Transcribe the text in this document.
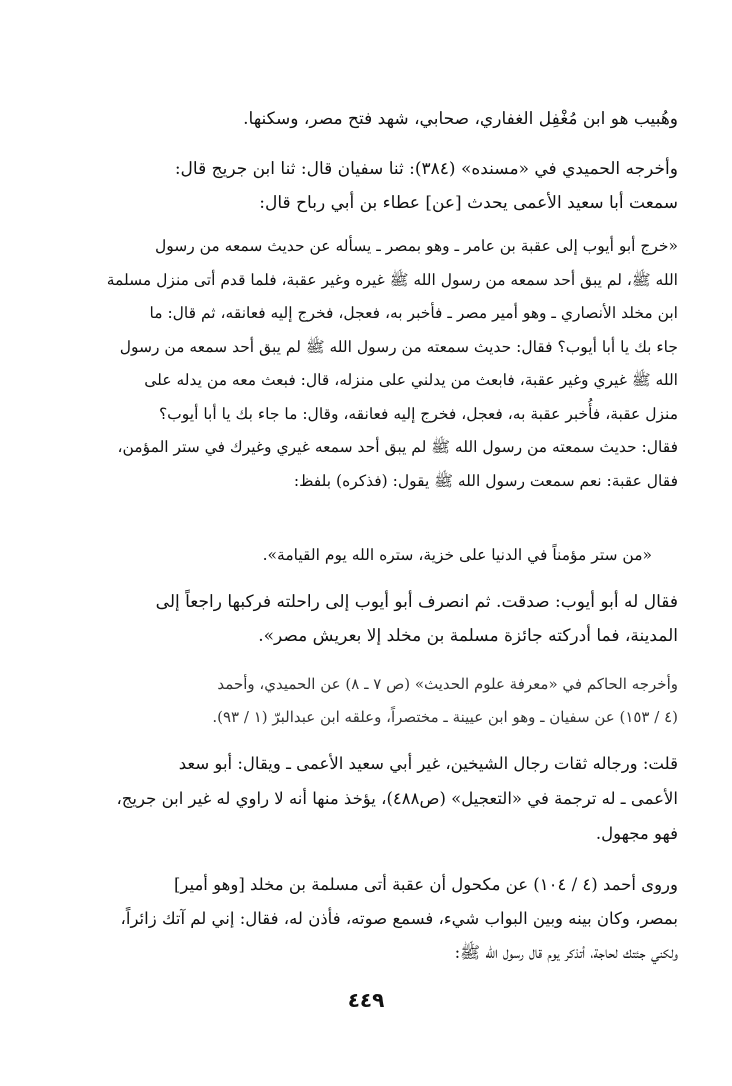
وهُبيب هو ابن مُغْفِل الغفاري، صحابي، شهد فتح مصر، وسكنها.
وأخرجه الحميدي في «مسنده» (٣٨٤): ثنا سفيان قال: ثنا ابن جريج قال:
سمعت أبا سعيد الأعمى يحدث [عن] عطاء بن أبي رباح قال:
«خرج أبو أيوب إلى عقبة بن عامر ـ وهو بمصر ـ يسأله عن حديث سمعه من رسول
الله ﷺ، لم يبق أحد سمعه من رسول الله ﷺ غيره وغير عقبة، فلما قدم أتى منزل مسلمة
ابن مخلد الأنصاري ـ وهو أمير مصر ـ فأخبر به، فعجل، فخرج إليه فعانقه، ثم قال: ما
جاء بك يا أبا أيوب؟ فقال: حديث سمعته من رسول الله ﷺ لم يبق أحد سمعه من رسول
الله ﷺ غيري وغير عقبة، فابعث من يدلني على منزله، قال: فبعث معه من يدله على
منزل عقبة، فأُخبر عقبة به، فعجل، فخرج إليه فعانقه، وقال: ما جاء بك يا أبا أيوب؟
فقال: حديث سمعته من رسول الله ﷺ لم يبق أحد سمعه غيري وغيرك في ستر المؤمن،
فقال عقبة: نعم سمعت رسول الله ﷺ يقول: (فذكره) بلفظ:
«من ستر مؤمناً في الدنيا على خزية، ستره الله يوم القيامة».
فقال له أبو أيوب: صدقت. ثم انصرف أبو أيوب إلى راحلته فركبها راجعاً إلى
المدينة، فما أدركته جائزة مسلمة بن مخلد إلا بعريش مصر».
وأخرجه الحاكم في «معرفة علوم الحديث» (ص ٧ ـ ٨) عن الحميدي، وأحمد
(٤ / ١٥٣) عن سفيان ـ وهو ابن عيينة ـ مختصراً، وعلقه ابن عبدالبرّ (١ / ٩٣).
قلت: ورجاله ثقات رجال الشيخين، غير أبي سعيد الأعمى ـ ويقال: أبو سعد
الأعمى ـ له ترجمة في «التعجيل» (ص٤٨٨)، يؤخذ منها أنه لا راوي له غير ابن جريج،
فهو مجهول.
وروى أحمد (٤ / ١٠٤) عن مكحول أن عقبة أتى مسلمة بن مخلد [وهو أمير]
بمصر، وكان بينه وبين البواب شيء، فسمع صوته، فأذن له، فقال: إني لم آتك زائراً،
ولكني جئتك لحاجة، أتذكر يوم قال رسول الله ﷺ:
٤٤٩
